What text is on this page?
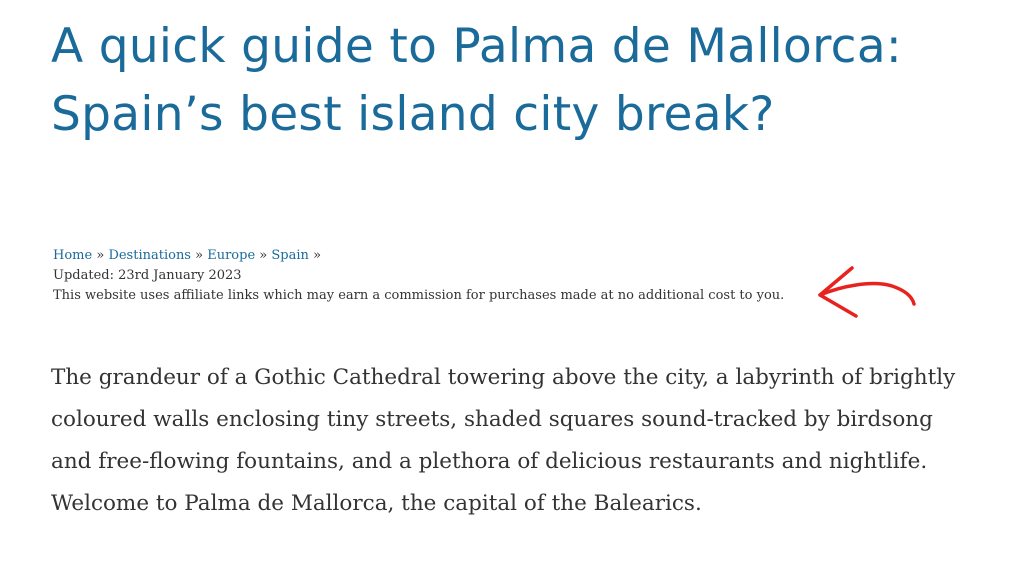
A quick guide to Palma de Mallorca: Spain’s best island city break?
Home » Destinations » Europe » Spain »
Updated: 23rd January 2023
This website uses affiliate links which may earn a commission for purchases made at no additional cost to you.

The grandeur of a Gothic Cathedral towering above the city, a labyrinth of brightly coloured walls enclosing tiny streets, shaded squares sound-tracked by birdsong and free-flowing fountains, and a plethora of delicious restaurants and nightlife. Welcome to Palma de Mallorca, the capital of the Balearics.
